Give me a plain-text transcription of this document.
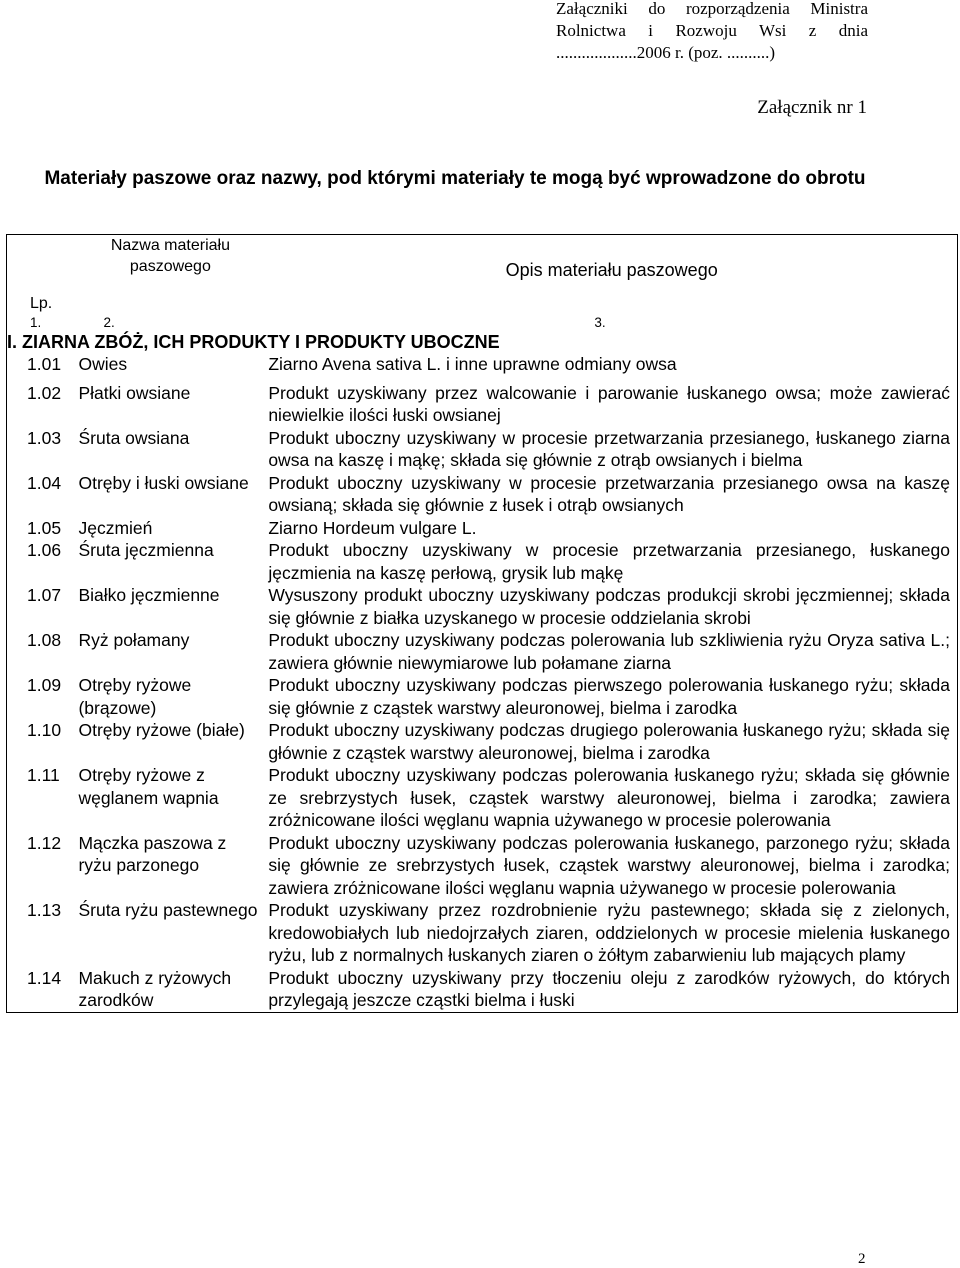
Załączniki do rozporządzenia Ministra
Rolnictwa i Rozwoju Wsi z dnia
...................2006 r. (poz. ..........)
Załącznik nr 1
Materiały paszowe oraz nazwy, pod którymi materiały te mogą być wprowadzone do obrotu
Lp.	Nazwa materiału paszowego	Opis materiału paszowego
1.	2.	3.
I. ZIARNA ZBÓŻ, ICH PRODUKTY I PRODUKTY UBOCZNE		
1.01	Owies	Ziarno Avena sativa L. i inne uprawne odmiany owsa
1.02	Płatki owsiane	Produkt uzyskiwany przez walcowanie i parowanie łuskanego owsa; może zawierać niewielkie ilości łuski owsianej
1.03	Śruta owsiana	Produkt uboczny uzyskiwany w procesie przetwarzania przesianego, łuskanego ziarna owsa na kaszę i mąkę; składa się głównie z otrąb owsianych i bielma
1.04	Otręby i łuski owsiane	Produkt uboczny uzyskiwany w procesie przetwarzania przesianego owsa na kaszę owsianą; składa się głównie z łusek i otrąb owsianych
1.05	Jęczmień	Ziarno Hordeum vulgare L.
1.06	Śruta jęczmienna	Produkt uboczny uzyskiwany w procesie przetwarzania przesianego, łuskanego jęczmienia na kaszę perłową, grysik lub mąkę
1.07	Białko jęczmienne	Wysuszony produkt uboczny uzyskiwany podczas produkcji skrobi jęczmiennej; składa się głównie z białka uzyskanego w procesie oddzielania skrobi
1.08	Ryż połamany	Produkt uboczny uzyskiwany podczas polerowania lub szkliwienia ryżu Oryza sativa L.; zawiera głównie niewymiarowe lub połamane ziarna
1.09	Otręby ryżowe (brązowe)	Produkt uboczny uzyskiwany podczas pierwszego polerowania łuskanego ryżu; składa się głównie z cząstek warstwy aleuronowej, bielma i zarodka
1.10	Otręby ryżowe (białe)	Produkt uboczny uzyskiwany podczas drugiego polerowania łuskanego ryżu; składa się głównie z cząstek warstwy aleuronowej, bielma i zarodka
1.11	Otręby ryżowe z węglanem wapnia	Produkt uboczny uzyskiwany podczas polerowania łuskanego ryżu; składa się głównie ze srebrzystych łusek, cząstek warstwy aleuronowej, bielma i zarodka; zawiera zróżnicowane ilości węglanu wapnia używanego w procesie polerowania
1.12	Mączka paszowa z ryżu parzonego	Produkt uboczny uzyskiwany podczas polerowania łuskanego, parzonego ryżu; składa się głównie ze srebrzystych łusek, cząstek warstwy aleuronowej, bielma i zarodka; zawiera zróżnicowane ilości węglanu wapnia używanego w procesie polerowania
1.13	Śruta ryżu pastewnego	Produkt uzyskiwany przez rozdrobnienie ryżu pastewnego; składa się z zielonych, kredowobiałych lub niedojrzałych ziaren, oddzielonych w procesie mielenia łuskanego ryżu, lub z normalnych łuskanych ziaren o żółtym zabarwieniu lub mających plamy
1.14	Makuch z ryżowych zarodków	Produkt uboczny uzyskiwany przy tłoczeniu oleju z zarodków ryżowych, do których przylegają jeszcze cząstki bielma i łuski
2
